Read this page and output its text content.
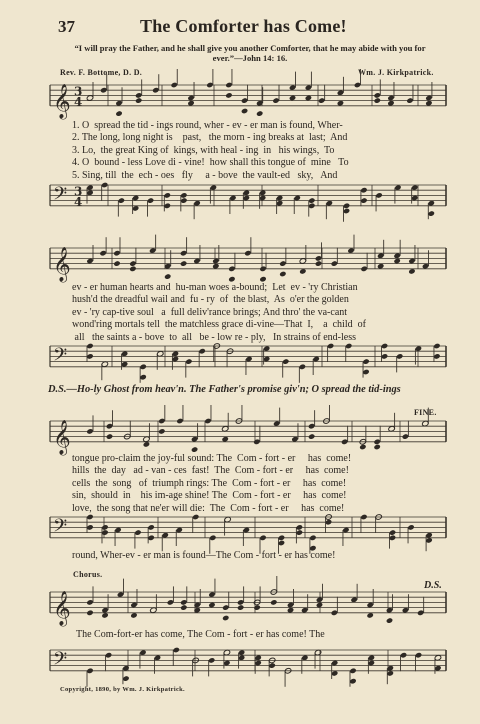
37	The Comforter has Come!
“I will pray the Father, and he shall give you another Comforter, that he may abide with you for ever.”—John 14: 16.
Rev. F. Bottome, D. D.	Wm. J. Kirkpatrick.
𝄞 3
4
𝄢 3
4
𝄞
𝄢
𝄞
𝄢
𝄞
𝄢
1. O  spread the tid - ings round, wher - ev - er man is found, Wher-
2. The long, long night is    past,   the morn - ing breaks at  last;  And
3. Lo,  the great King of  kings, with heal - ing  in   his wings,  To
4. O  bound - less Love di - vine!  how shall this tongue of  mine   To
5. Sing, till  the  ech - oes   fly     a - bove  the vault-ed   sky,   And
ev - er human hearts and  hu-man woes a-bound;  Let  ev - 'ry Christian
hush'd the dreadful wail and  fu - ry  of  the blast,  As  o'er the golden
ev - 'ry cap-tive soul   a  full deliv'rance brings; And thro' the va-cant
wond'ring mortals tell  the matchless grace di-vine—That  I,    a  child  of
all   the saints a - bove  to  all   be - low re - ply,   In strains of end-less
D.S.—Ho-ly Ghost from heav'n. The Father's promise giv'n; O spread the tid-ings
FINE.
tongue pro-claim the joy-ful sound: The  Com - fort - er     has  come!
hills  the  day   ad - van - ces  fast!  The  Com - fort - er     has  come!
cells  the  song   of  triumph rings: The  Com - fort - er     has  come!
sin,  should  in    his im-age shine! The  Com - fort - er     has  come!
love,  the song that ne'er will die:  The  Com - fort - er     has  come!
round, Wher-ev - er man is found—The Com - fort - er has come!
Chorus.
D.S.
The Com-fort-er has come, The Com - fort - er has come! The
Copyright, 1890, by Wm. J. Kirkpatrick.
